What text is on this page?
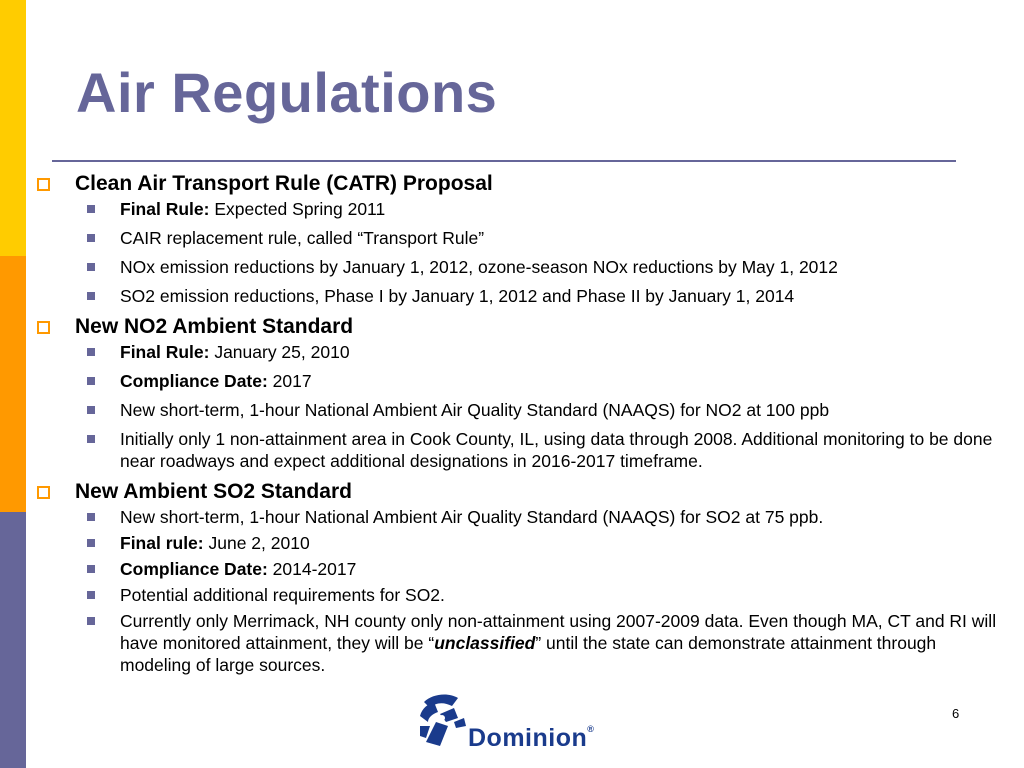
Air Regulations
Clean Air Transport Rule (CATR) Proposal
Final Rule: Expected Spring 2011
CAIR replacement rule, called “Transport Rule”
NOx emission reductions by January 1, 2012, ozone-season NOx reductions by May 1, 2012
SO2 emission reductions, Phase I by January 1, 2012 and Phase II by January 1, 2014
New NO2 Ambient Standard
Final Rule: January 25, 2010
Compliance Date: 2017
New short-term, 1-hour National Ambient Air Quality Standard (NAAQS) for NO2 at 100 ppb
Initially only 1 non-attainment area in Cook County, IL, using data through 2008. Additional monitoring to be done near roadways and expect additional designations in 2016-2017 timeframe.
New Ambient SO2 Standard
New short-term, 1-hour National Ambient Air Quality Standard (NAAQS) for SO2 at 75 ppb.
Final rule: June 2, 2010
Compliance Date: 2014-2017
Potential additional requirements for SO2.
Currently only Merrimack, NH county only non-attainment using 2007-2009 data. Even though MA, CT and RI will have monitored attainment, they will be “unclassified” until the state can demonstrate attainment through modeling of large sources.
Dominion®
6
